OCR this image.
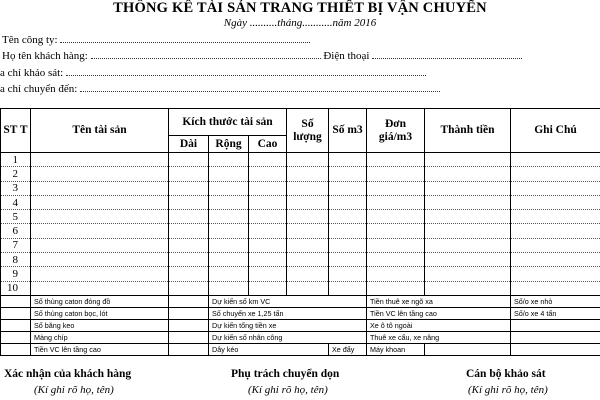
THỐNG KÊ TÀI SẢN TRANG THIẾT BỊ VẬN CHUYỂN
Ngày ..........tháng...........năm 2016
Tên công ty:
Họ tên khách hàng:	Điện thoại
a chỉ khảo sát:
a chỉ chuyển đến:
ST T	Tên tài sản	Kích thước tài sản			Số lượng	Số m3	Đơn giá/m3	Thành tiền	Ghi Chú
		Dài	Rộng	Cao					
1									
2									
3									
4									
5									
6									
7									
8									
9									
10									
	Số thùng caton đóng đồ		Dự kiến số km VC				Tiền thuê xe ngõ xa		Số/o xe nhỏ
	Số thùng caton bọc, lót		Số chuyến xe 1,25 tấn				Tiền VC lên tầng cao		Số/o xe 4 tấn
	Số băng keo		Dự kiến tổng tiền xe				Xe ô tô ngoài		
	Màng chíp		Dự kiến số nhân công				Thuê xe cẩu, xe nâng		
	Tiền VC lên tầng cao		Dây kéo			Xe đẩy	Máy khoan		
Xác nhận của khách hàng	Phụ trách chuyển dọn	Cán bộ khảo sát
(Kí ghi rõ họ, tên)	(Kí ghi rõ họ, tên)	(Kí ghi rõ họ, tên)
